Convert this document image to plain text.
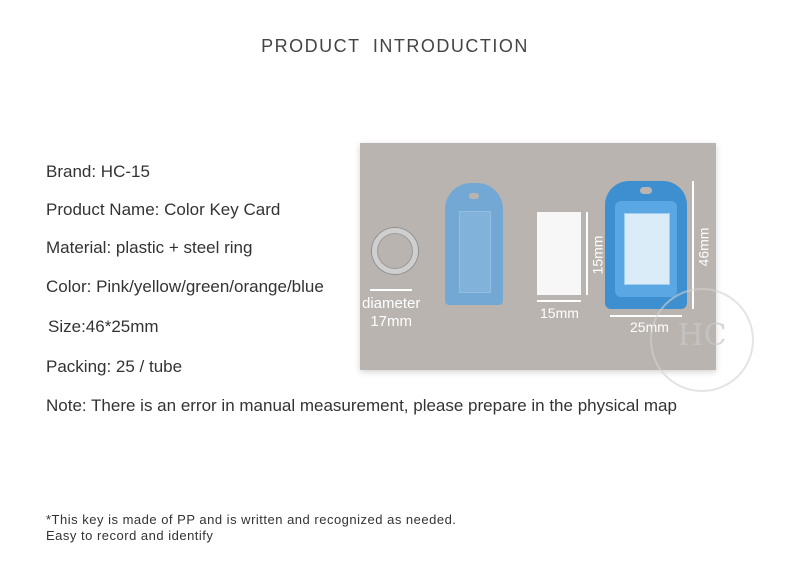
PRODUCT INTRODUCTION
Brand: HC-15
Product Name: Color Key Card
Material: plastic + steel ring
Color: Pink/yellow/green/orange/blue
Size:46*25mm
Packing: 25 / tube
diameter
17mm	15mm
15mm
25mm
46mm
HC
Note: There is an error in manual measurement, please prepare in the physical map
*This key is made of PP and is written and recognized as needed.
Easy to record and identify
